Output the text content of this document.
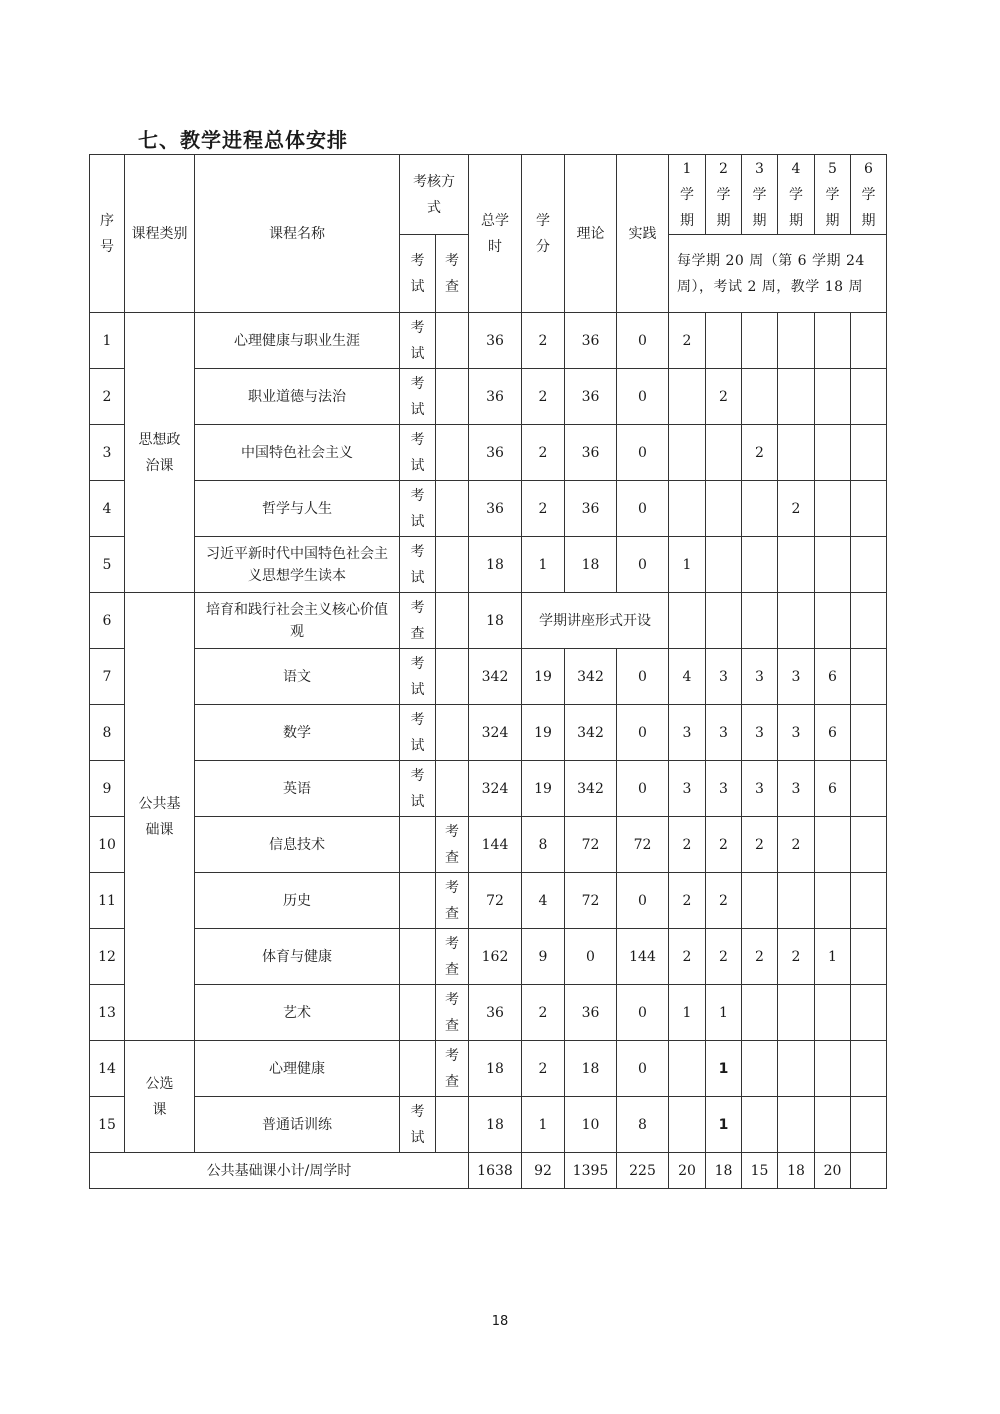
七、教学进程总体安排
序号	课程类别	课程名称	考核方式		总学时	学分	理论	实践	1学期	2学期	3学期	4学期	5学期	6学期	

			考试	考查					每学期 20 周（第 6 学期 24 周），考试 2 周，教学 18 周						
1	思想政治课	心理健康与职业生涯	考试		36	2	36	0	2						
2		职业道德与法治	考试		36	2	36	0		2					
3		中国特色社会主义	考试		36	2	36	0			2				
4		哲学与人生	考试		36	2	36	0				2			
5		习近平新时代中国特色社会主义思想学生读本	考试		18	1	18	0	1						
6	公共基础课	培育和践行社会主义核心价值观	考查		18	学期讲座形式开设									
7		语文	考试		342	19	342	0	4	3	3	3	6		
8		数学	考试		324	19	342	0	3	3	3	3	6		
9		英语	考试		324	19	342	0	3	3	3	3	6		
10		信息技术		考查	144	8	72	72	2	2	2	2			
11		历史		考查	72	4	72	0	2	2					
12		体育与健康		考查	162	9	0	144	2	2	2	2	1		
13		艺术		考查	36	2	36	0	1	1					
14	公选课	心理健康		考查	18	2	18	0		1					
15		普通话训练	考试		18	1	10	8		1					
公共基础课小计/周学时					1638	92	1395	225	20	18	15	18	20		
18
